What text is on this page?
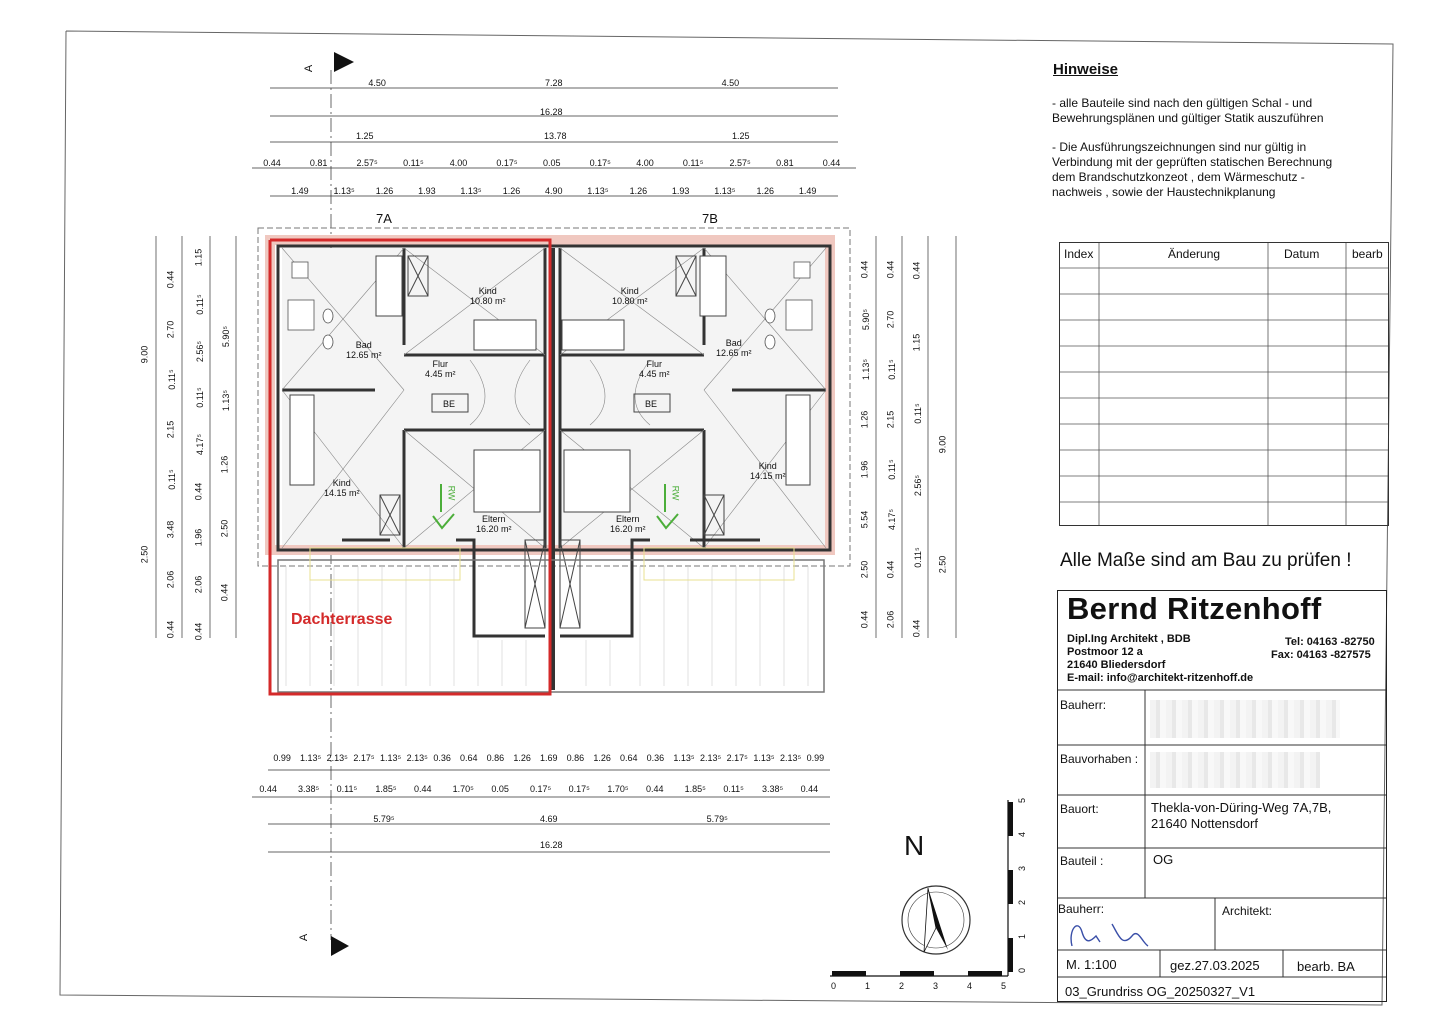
Hinweise
- alle Bauteile sind nach den gültigen Schal - und
Bewehrungsplänen und gültiger Statik auszuführen
- Die Ausführungszeichnungen sind nur gültig in
Verbindung mit der geprüften statischen Berechnung
dem Brandschutzkonzeot , dem Wärmeschutz -
nachweis , sowie der Haustechnikplanung
Index	Änderung	Datum	bearb
Alle Maße sind am Bau zu prüfen !
Bernd Ritzenhoff
Dipl.Ing Architekt , BDB
Postmoor 12 a
21640 Bliedersdorf
E-mail: info@architekt-ritzenhoff.de
Tel: 04163 -82750
Fax: 04163 -827575
Bauherr:
Bauvorhaben :
Bauort:	Thekla-von-Düring-Weg 7A,7B,
21640 Nottensdorf
Bauteil :	OG
Bauherr:	Architekt:
M. 1:100	gez.27.03.2025	bearb. BA
03_Grundriss OG_20250327_V1
7A	7B
A
A
Dachterrasse
Kind
10.80 m²
Kind
10.80 m²
Bad
12.65 m²
Bad
12.65 m²
Flur
4.45 m²
Flur
4.45 m²
Kind
14.15 m²
Kind
14.15 m²
Eltern
16.20 m²
Eltern
16.20 m²
BE	BE
RW	RW
4.50	7.28	4.50
16.28
1.25	13.78	1.25
0.44	0.81	2.57⁵	0.11⁵	4.00	0.17⁵	0.05	0.17⁵	4.00	0.11⁵	2.57⁵	0.81	0.44
1.49	1.13⁵ 1.26	1.93	1.13⁵ 1.26	4.90	1.13⁵ 1.26	1.93	1.13⁵ 1.26	1.49
0.99 1.13⁵ 2.13⁵ 2.17⁵ 1.13⁵ 2.13⁵ 0.36 0.64 0.86 1.26 1.69 0.86 1.26 0.64 0.36 1.13⁵ 2.13⁵ 2.17⁵ 1.13⁵ 2.13⁵ 0.99
0.44 3.38⁵ 0.11⁵ 1.85⁵ 0.44 1.70⁵ 0.05 0.17⁵ 0.17⁵ 1.70⁵ 0.44 1.85⁵ 0.11⁵ 3.38⁵ 0.44
5.79⁵	4.69	5.79⁵
16.28
9.00
2.50
0.44
2.70
0.11⁵
2.15
0.11⁵
3.48
2.06
0.44
1.15
0.11⁵
2.56⁵
0.11⁵
4.17⁵
0.44
1.96
2.06
0.44
5.90⁵
1.13⁵
1.26
2.50
0.44
0.44
5.90⁵
1.13⁵
1.26
1.96
5.54
2.50
0.44
0.44
2.70
0.11⁵
2.15
0.11⁵
4.17⁵
0.44
2.06
0.44
1.15
0.11⁵
2.56⁵
0.11⁵
0.44
9.00
2.50
N
0
0
1
1
2
2
3
3
4
4
5
5
